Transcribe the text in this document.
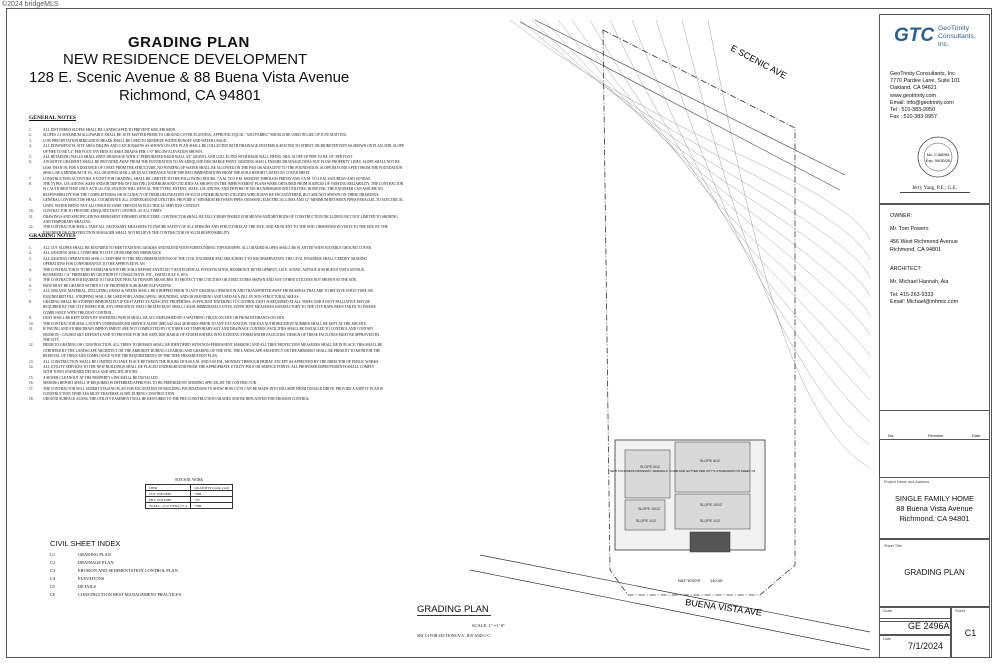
©2024 bridgeMLS
GRADING PLAN
NEW RESIDENCE DEVELOPMENT
128 E. Scenic Avenue & 88 Buena Vista Avenue
Richmond, CA 94801
GENERAL NOTES
1.	ALL DISTURBED SLOPES SHALL BE LANDSCAPED TO PREVENT SOIL EROSION.
2.	SLOPES 2:1 MAXIMUM ALLOWABLE SHALL BE JUTE MATTED PRIOR TO GROUND COVER PLANTING. APPROVAL EQUAL "GEO-FABRIC" SHOULD BE USED IN LIEU OF JUTE MATTING.
3.	LOW PRECIPITATION IRRIGATION HEADS SHALL BE USED TO MINIMIZE WATER RUNOFF AND WATER USAGE.
4.	ALL DOWNSPOUTS, SITE AREA DRAINS AND CATCH BASINS AS SHOWN ON SITE PLAN SHALL BE COLLECTED WITH DRAINAGE SYSTEMS & ROUTED TO STREET OR BIORETENTION AS SHOWN ON PLAN. MIN. SLOPE
OF PIPE TO BE 1/4" PER FOOT. INVERTS AT AREA DRAINS PER, 1'-0" BELOW ELEVATION SHOWN.
5.	ALL RETAINING WALLS SHALL HAVE DRAINAGE WITH 4" PERFORATED RIGID WALL 3/4" GRAVEL AND COLLECTED WITH RIGID WALL PIPING. MIN. SLOPE OF PIPE TO BE 1/8" PER FOOT.
6.	A POSITIVE GRADIENT SHALL BE PROVIDED AWAY FROM THE FOUNDATION TO AN ADEQUATE DISCHARGE POINT. GRADING SHALL ENSURE DRAINAGE DOES NOT FLOW PROPERTY LINES. SLOPE SHALL NOT BE
LESS THAN 5% FOR A DISTANCE OF 5 FEET FROM THE STRUCTURE. NO PONDING OF WATER SHALL BE ALLOWED ON THE PAD OR ADJACENT TO THE FOUNDATION. SLOPE BEYOND 5 FEET FROM THE FOUNDATION
SHALL BE A MINIMUM OF 1%. ALL GRADING SHALL BE IN ACCORDANCE WITH THE RECOMMENDATIONS FROM THE SOILS REPORT LISTED ON COVER SHEET.
7.	CONSTRUCTION ACTIVITIES, EXCEPT FOR GRADING, SHALL BE LIMITED TO THE FOLLOWING HOURS: 7 A.M. TO 5 P.M. MONDAY THROUGH FRIDAY AND 9 A.M. TO 4 P.M. SATURDAY AND SUNDAY.
8.	THE TYPES, LOCATIONS, SIZES AND/OR DEPTHS OF EXISTING UNDERGROUND UTILITIES AS SHOWN ON THE IMPROVEMENT PLANS WERE OBTAINED FROM SOURCES OF VARYING RELIABILITY. THE CONTRACTOR
IS CAUTIONED THAT ONLY ACTUAL EXCAVATION WILL REVEAL THE TYPES, EXTENT, SIZES, LOCATIONS, AND DEPTHS OF SUCH UNDERGROUND UTILITIES. HOWEVER, THE ENGINEER CAN ASSUME NO
RESPONSIBILITY FOR THE COMPLETENESS OR ACCURACY OF THEIR DELINEATION OF SUCH UNDERGROUND UTILITIES WHICH MAY BE ENCOUNTERED, BUT ARE NOT SHOWN ON THESE DRAWINGS.
9.	GENERAL CONTRACTOR SHALL COORDINATE ALL UNDERGROUND UTILITIES. PROVIDE 6" MINIMUM BETWEEN PIPES CROSSING ELECTRICAL LINES AND 12" MINIMUM BETWEEN PIPES PARALLEL TO ELECTRICAL
LINES. WATER PIPING NOT ALLOWED IN SAME TRENCH AS ELECTRICAL SERVICES CONDUIT.
10.	CONTRACTOR TO PROVIDE ADEQUATE DUST CONTROL AT ALL TIMES.
11.	DRAWINGS AND SPECIFICATIONS REPRESENT FINISHED STRUCTURE. CONTRACTOR SHALL BE FULLY RESPONSIBLE FOR MEANS AND METHODS OF CONSTRUCTION INCLUDING BUT NOT LIMITED TO SHORING
AND TEMPORARY BRACING.
12.	THE CONTRACTOR SHALL TAKE ALL NECESSARY MEASURES TO INSURE SAFETY OF ALL PERSONS AND STRUCTURES AT THE SITE, AND ADJACENT TO THE SITE. OBSERVATION VISITS TO THE SITE BY THE
ENGINEER OR CONSTRUCTION MANAGER SHALL NOT RELIEVE THE CONTRACTOR OF SUCH RESPONSIBILITY.
GRADING NOTES
1.	ALL CUT SLOPES SHALL BE ROUNDED TO MEET EXISTING GRADES AND BLEND WITH SURROUNDING TOPOGRAPHY. ALL GRADED SLOPES SHALL BE PLANTED WITH SUITABLE GROUND COVER.
2.	ALL GRADING SHALL CONFORM TO CITY OF RICHMOND ORDINANCE.
3.	ALL GRADING OPERATIONS SHALL CONFORM TO THE RECOMMENDATIONS OF THE CIVIL ENGINEER AND ARE SUBJECT TO HIS OBSERVATION. THE CIVIL ENGINEER SHALL CERTIFY GRADING
OPERATIONS FOR CONFORMANCE TO THE APPROVED PLAN.
4.	THE CONTRACTOR IS TO BE FAMILIAR WITH THE SOILS REPORT ENTITLED "GEOTECHNICAL INVESTIGATION, RESIDENCE DEVELOPMENT, 128 E. SCENIC AVENUE & 88 BUENA VISTA AVENUE,
RICHMOND, CA" PREPARED BY GEOTRINITY CONSULTANTS, INC., DATED JULY 8, 2019.
5.	THE CONTRACTOR IS REQUIRED TO TAKE DUE PRECAUTIONARY MEASURES TO PROTECT THE UTILITIES OR STRUCTURES SHOWN AND ANY OTHER UTILITIES NOT SHOWN AT THE SITE.
6.	PADS MUST BE GRADED WITHIN 0.1 OF PROPOSED SUBGRADE ELEVATIONS.
7.	ALL ORGANIC MATERIAL, INCLUDING GRASS & WEEDS SHALL BE STRIPPED PRIOR TO ANY GRADING OPERATION AND TRANSPORTED AWAY FROM AREAS THAT ARE TO RECEIVE STRUCTURE OR
ENGINEERED FILL. STRIPPING SHALL BE USED FOR LANDSCAPING, MOUNDING, AND OR BLENDING AND USED AS A FILL IN NON STRUCTURAL AREAS.
8.	GRADING SHALL BE STOPPED IMMEDIATELY IF DUST AFFECTS ADJACENT PROPERTIES. SUFFICIENT WATERING TO CONTROL DUST IS REQUIRED AT ALL TIMES AND A DUST PALLIATIVE MAY BE
REQUIRED BY THE CITY INSPECTOR. ANY OPERATION THAT CREATES DUST SHALL CEASE IMMEDIATELY UNTIL SUFFICIENT MEASURES SATISFACTORY TO THE CITY HAVE BEEN TAKEN TO INSURE
COMPLIANCE WITH THE DUST CONTROL.
9.	DUST SHALL BE KEPT DOWN BY WATERING WHICH SHALL BE ACCOMPLISHED BY A WATERING TRUCK ON SITE OR FROM HYDRANTS ON SITE.
10.	THE CONTRACTOR SHALL NOTIFY UNDERGROUND SERVICE ALERT (800) 642-2444 48 HOURS PRIOR TO ANY EXCAVATION. THE USA AUTHORIZATION NUMBER SHALL BE KEPT AT THE JOB SITE.
11.	IF PAVING AND STORM DRAIN IMPROVEMENT ARE NOT COMPLETED BY OCTOBER 1ST TEMPORARY SILT AND DRAINAGE CONTROL FACILITIES SHALL BE INSTALLED TO CONTROL AND CONTAIN
EROSION - CAUSED SILT DEPOSITS AND TO PROVIDE FOR THE SAFE DISCHARGE OF STORM WATERS INTO EXISTING STORM WATER FACILITIES. DESIGN OF THESE FACILITIES MUST BE APPROVED BY
THE CITY.
12.	PRIOR TO GRADING OR CONSTRUCTION, ALL TREES TO REMAIN SHALL BE IDENTIFIED WITH NON-PERMANENT MARKING AND ALL TREE PROTECTION MEASURES SHALL BE IN PLACE. THIS SHALL BE
CERTIFIED BY THE LANDSCAPE ARCHITECT OR THE ARBORIST DURING CLEARING AND GRADING OF THE SITE. THE LANDSCAPE ARCHITECT OR THE ARBORIST SHALL BE PRESENT TO MONITOR THE
REMOVAL OF TREES AND COMPLIANCE WITH THE REQUIREMENTS OF THE TREE PRESERVATION PLAN.
13.	ALL CONSTRUCTION SHALL BE LIMITED TO TAKE PLACE BETWEEN THE HOURS OF 8:00 A.M. AND 5:00 P.M., MONDAY THROUGH FRIDAY, EXCEPT AS APPROVED BY THE DIRECTOR OF PUBLIC WORKS.
14.	ALL UTILITY SERVICES TO THE NEW BUILDINGS SHALL BE PLACED UNDERGROUND FROM THE APPROPRIATE UTILITY POLE OR SERVICE POINTS. ALL PROPOSED IMPROVEMENTS SHALL COMPLY
WITH TOWN STANDARD DETAILS AND SPECIFICATIONS.
15.	A SEWER CLEANOUT AT THE PROPERTY LINE SHALL BE INSTALLED.
16.	SHORING REPORT SHALL IF REQUIRED IS DEFERRED APPROVAL TO BE PREPARED BY SHORING SPECIALIST OR CONTRACTOR.
17.	THE CONTRACTOR WILL SUBMIT STAGING PLAN FOR EXCAVATION OF BUILDING FOUNDATIONS TO SHOW HOW CUTS CAN BE MADE INTO HILLSIDE FROM DONALD DRIVE. PROVIDE A SAFETY PLAN IF
CONSTRUCTION VEHICLES MUST TRAVERSE SLOPE DURING CONSTRUCTION.
18.	GROUND SURFACE ALONG THE UTILITY EASEMENT WILL BE RESTORED TO THE PRE-CONSTRUCTION GRADES AND BE REPLANTED FOR EROSION CONTROL.
SITE SOIL WORK
ITEM	QUANTITY (cubic yard)
CUT VOLUME	+986
FILL VOLUME	+55
TOTAL = (CUT+FILL)*1.2	+986
CIVIL SHEET INDEX
C1	GRADING PLAN
C2	DRAINAGE PLAN
C3	EROSION AND SEDIMENTATION CONTROL PLAN
C4	ELEVATIONS
C5	DETAILS
C6	CONSTRUCTION BEST MANAGEMENT PRACTICES
SLOPE 6/12
SLOPE 8/12
SLOPE 10/12
SLOPE 10/12
SLOPE 1/12	SLOPE 1/12
E SCENIC AVE
BUENA VISTA AVE
N53°10'00"E 140.00'
NEW CONCRETE DRIVEWAY, SIDEWALK, CURB AND GUTTER PER CITY'S STANDARDS ON SHEET C5
GRADING PLAN
SCALE: 1" =1'-0"
SEE C4 FOR SECTIONS A-A', B-B' AND C-C'
GTC GeoTrinity Consultants, Inc.
GeoTrinity Consultants, Inc.
7770 Pardee Lane, Suite 101
Oakland, CA 94621
www.geotrinity.com
Email: info@geotrinity.com
Tel : 510-383-9950
Fax : 510-383-9957
No. C 88093
Exp. 09/30/26
Jerry Yang, P.E.; G.E.
OWNER:
Mr. Tom Powers
456 West Richmond Avenue
Richmond, CA 94801
ARCHITECT:
Mr. Michael Hannah, Aia
Tel: 415-263-9333
Email: Michael@mhmic.com
No.	Revision	Date
Project Name and Address
SINGLE FAMILY HOME
88 Buena Vista Avenue
Richmond, CA 94801
Sheet Title
GRADING PLAN
Scale	Sheet
C1
GE 2496A
Date
7/1/2024
